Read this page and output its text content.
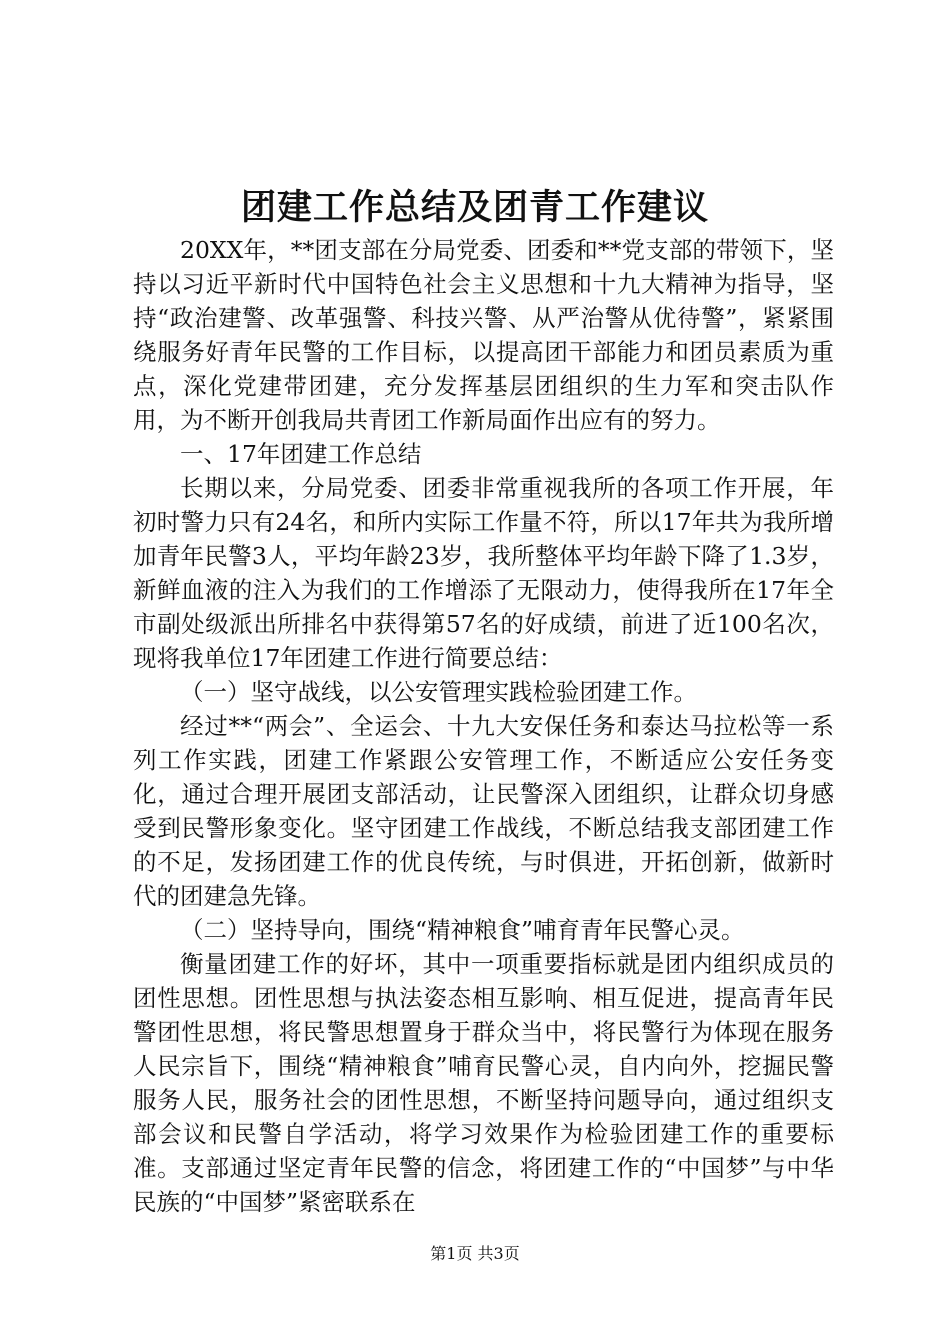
团建工作总结及团青工作建议

20XX年，**团支部在分局党委、团委和**党支部的带领下，坚持以习近平新时代中国特色社会主义思想和十九大精神为指导，坚持“政治建警、改革强警、科技兴警、从严治警从优待警”，紧紧围绕服务好青年民警的工作目标，以提高团干部能力和团员素质为重点，深化党建带团建，充分发挥基层团组织的生力军和突击队作用，为不断开创我局共青团工作新局面作出应有的努力。

一、17年团建工作总结

长期以来，分局党委、团委非常重视我所的各项工作开展，年初时警力只有24名，和所内实际工作量不符，所以17年共为我所增加青年民警3人，平均年龄23岁，我所整体平均年龄下降了1.3岁，新鲜血液的注入为我们的工作增添了无限动力，使得我所在17年全市副处级派出所排名中获得第57名的好成绩，前进了近100名次，现将我单位17年团建工作进行简要总结：

（一）坚守战线，以公安管理实践检验团建工作。

经过**“两会”、全运会、十九大安保任务和泰达马拉松等一系列工作实践，团建工作紧跟公安管理工作，不断适应公安任务变化，通过合理开展团支部活动，让民警深入团组织，让群众切身感受到民警形象变化。坚守团建工作战线，不断总结我支部团建工作的不足，发扬团建工作的优良传统，与时俱进，开拓创新，做新时代的团建急先锋。

（二）坚持导向，围绕“精神粮食”哺育青年民警心灵。

衡量团建工作的好坏，其中一项重要指标就是团内组织成员的团性思想。团性思想与执法姿态相互影响、相互促进，提高青年民警团性思想，将民警思想置身于群众当中，将民警行为体现在服务人民宗旨下，围绕“精神粮食”哺育民警心灵，自内向外，挖掘民警服务人民，服务社会的团性思想，不断坚持问题导向，通过组织支部会议和民警自学活动，将学习效果作为检验团建工作的重要标准。支部通过坚定青年民警的信念，将团建工作的“中国梦”与中华民族的“中国梦”紧密联系在

第1页 共3页
